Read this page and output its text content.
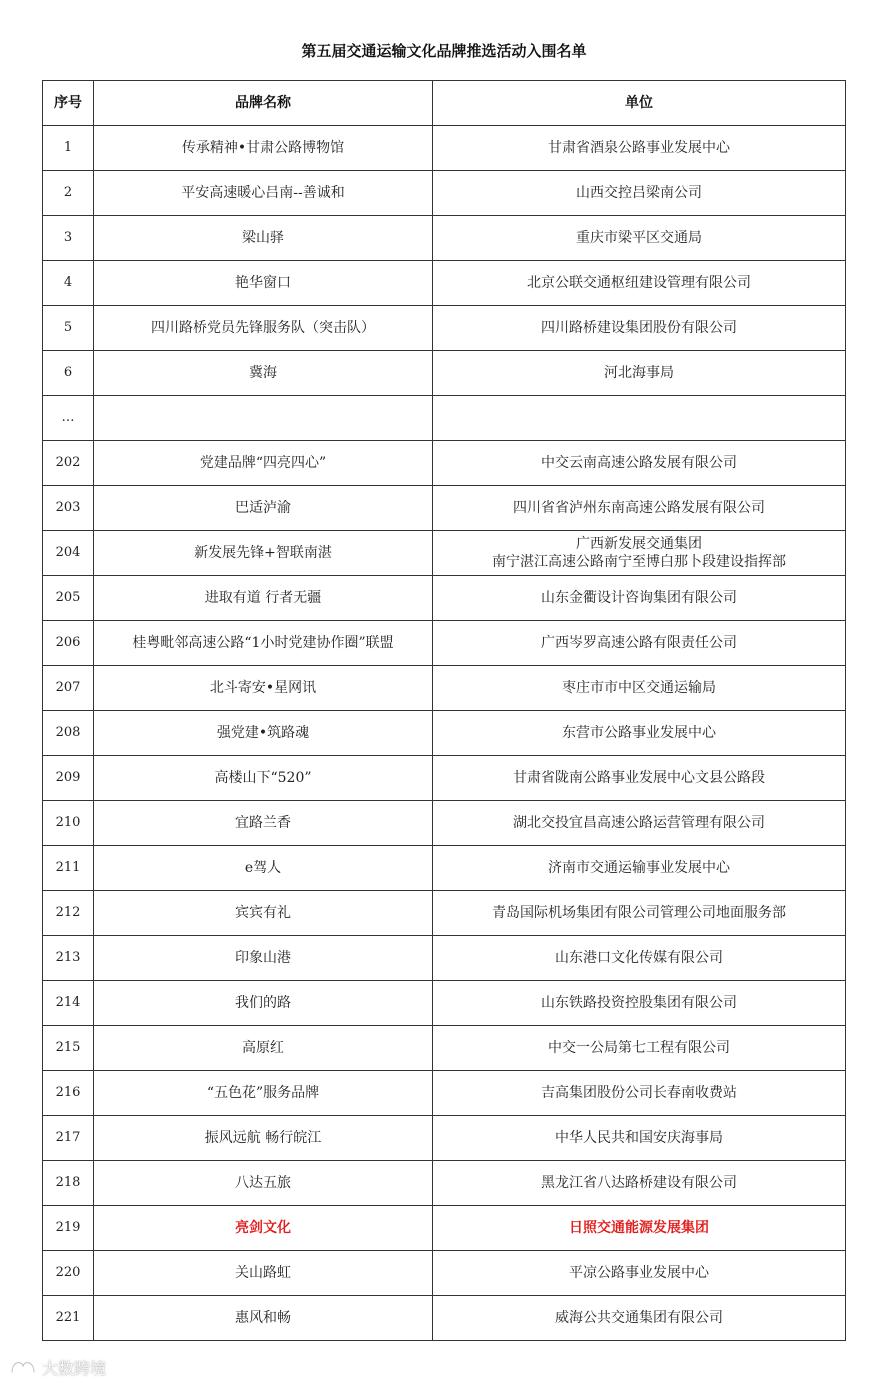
第五届交通运输文化品牌推选活动入围名单
序号	品牌名称	单位
1	传承精神•甘肃公路博物馆	甘肃省酒泉公路事业发展中心

2	平安高速暖心吕南--善诚和	山西交控吕梁南公司

3	梁山驿	重庆市梁平区交通局

4	艳华窗口	北京公联交通枢纽建设管理有限公司

5	四川路桥党员先锋服务队（突击队）	四川路桥建设集团股份有限公司

6	冀海	河北海事局

…		

202	党建品牌“四亮四心”	中交云南高速公路发展有限公司

203	巴适泸渝	四川省省泸州东南高速公路发展有限公司

204	新发展先锋+智联南湛	广西新发展交通集团
南宁湛江高速公路南宁至博白那卜段建设指挥部

205	进取有道 行者无疆	山东金衢设计咨询集团有限公司

206	桂粤毗邻高速公路“1小时党建协作圈”联盟	广西岑罗高速公路有限责任公司

207	北斗寄安•星网讯	枣庄市市中区交通运输局

208	强党建•筑路魂	东营市公路事业发展中心

209	高楼山下“520”	甘肃省陇南公路事业发展中心文县公路段

210	宜路兰香	湖北交投宜昌高速公路运营管理有限公司

211	e驾人	济南市交通运输事业发展中心

212	宾宾有礼	青岛国际机场集团有限公司管理公司地面服务部

213	印象山港	山东港口文化传媒有限公司

214	我们的路	山东铁路投资控股集团有限公司

215	高原红	中交一公局第七工程有限公司

216	“五色花”服务品牌	吉高集团股份公司长春南收费站

217	振风远航 畅行皖江	中华人民共和国安庆海事局

218	八达五旅	黑龙江省八达路桥建设有限公司

219	亮剑文化	日照交通能源发展集团

220	关山路虹	平凉公路事业发展中心

221	惠风和畅	威海公共交通集团有限公司
大数跨境
